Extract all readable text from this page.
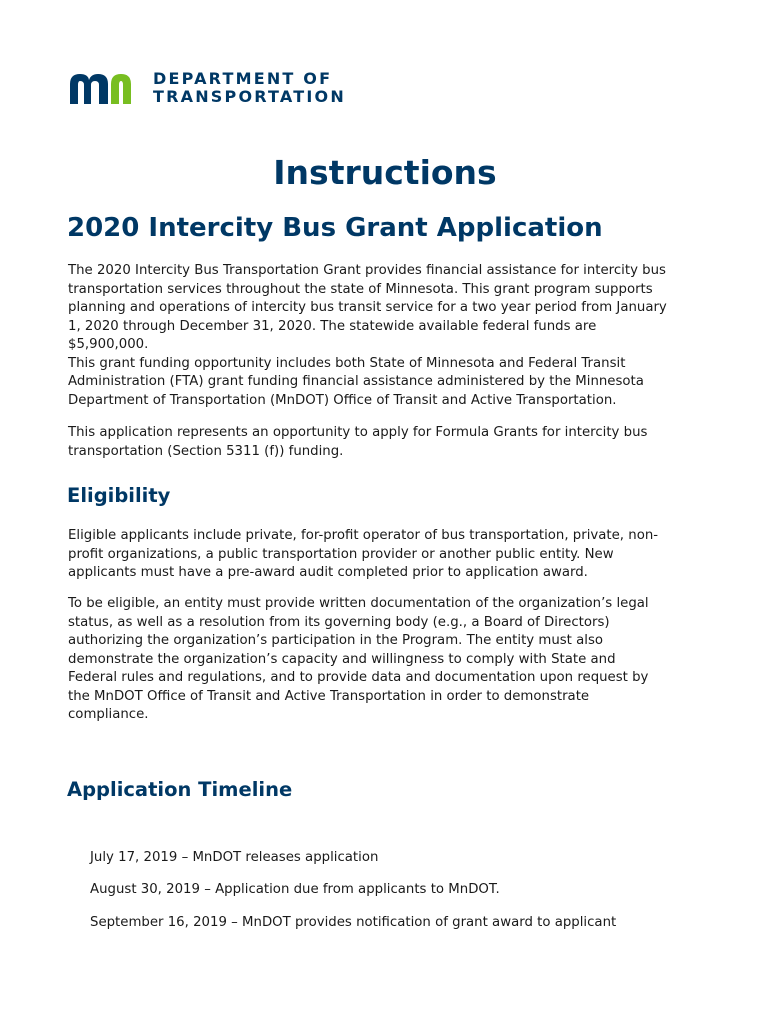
DEPARTMENT OF
TRANSPORTATION
Instructions
2020 Intercity Bus Grant Application
The 2020 Intercity Bus Transportation Grant provides financial assistance for intercity bus
transportation services throughout the state of Minnesota. This grant program supports
planning and operations of intercity bus transit service for a two year period from January
1, 2020 through December 31, 2020. The statewide available federal funds are
$5,900,000.
This grant funding opportunity includes both State of Minnesota and Federal Transit
Administration (FTA) grant funding financial assistance administered by the Minnesota
Department of Transportation (MnDOT) Office of Transit and Active Transportation.
This application represents an opportunity to apply for Formula Grants for intercity bus
transportation (Section 5311 (f)) funding.
Eligibility
Eligible applicants include private, for-profit operator of bus transportation, private, non-
profit organizations, a public transportation provider or another public entity. New
applicants must have a pre-award audit completed prior to application award.
To be eligible, an entity must provide written documentation of the organization’s legal
status, as well as a resolution from its governing body (e.g., a Board of Directors)
authorizing the organization’s participation in the Program. The entity must also
demonstrate the organization’s capacity and willingness to comply with State and
Federal rules and regulations, and to provide data and documentation upon request by
the MnDOT Office of Transit and Active Transportation in order to demonstrate
compliance.
Application Timeline

July 17, 2019 – MnDOT releases application

August 30, 2019 – Application due from applicants to MnDOT.

September 16, 2019 – MnDOT provides notification of grant award to applicant
